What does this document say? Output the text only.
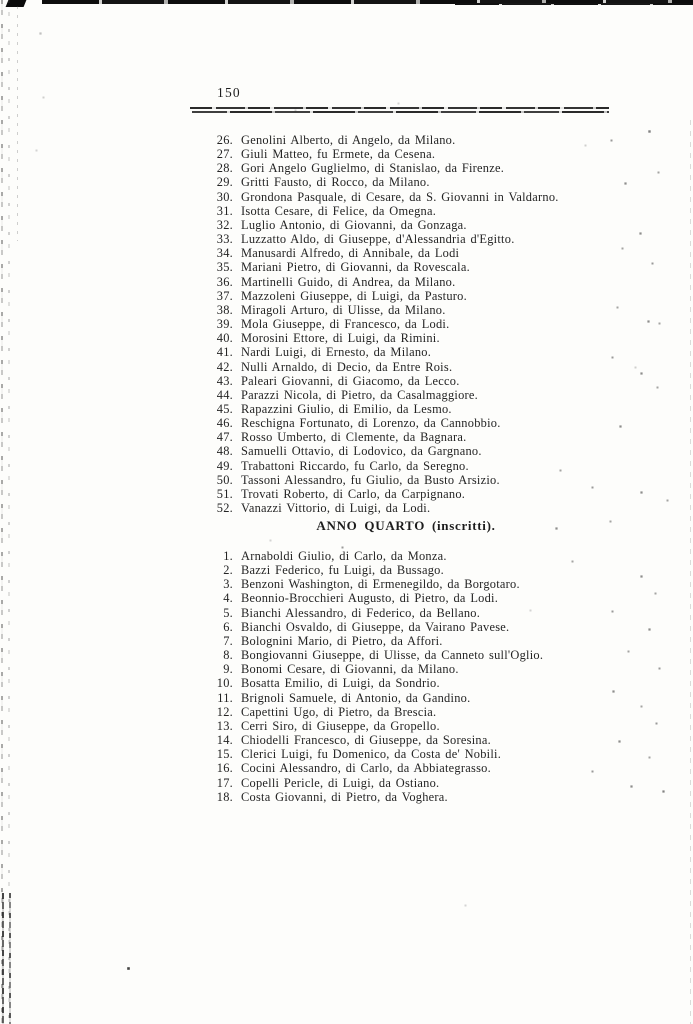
150
26. Genolini Alberto, di Angelo, da Milano.
27. Giuli Matteo, fu Ermete, da Cesena.
28. Gori Angelo Guglielmo, di Stanislao, da Firenze.
29. Gritti Fausto, di Rocco, da Milano.
30. Grondona Pasquale, di Cesare, da S. Giovanni in Valdarno.
31. Isotta Cesare, di Felice, da Omegna.
32. Luglio Antonio, di Giovanni, da Gonzaga.
33. Luzzatto Aldo, di Giuseppe, d'Alessandria d'Egitto.
34. Manusardi Alfredo, di Annibale, da Lodi
35. Mariani Pietro, di Giovanni, da Rovescala.
36. Martinelli Guido, di Andrea, da Milano.
37. Mazzoleni Giuseppe, di Luigi, da Pasturo.
38. Miragoli Arturo, di Ulisse, da Milano.
39. Mola Giuseppe, di Francesco, da Lodi.
40. Morosini Ettore, di Luigi, da Rimini.
41. Nardi Luigi, di Ernesto, da Milano.
42. Nulli Arnaldo, di Decio, da Entre Rois.
43. Paleari Giovanni, di Giacomo, da Lecco.
44. Parazzi Nicola, di Pietro, da Casalmaggiore.
45. Rapazzini Giulio, di Emilio, da Lesmo.
46. Reschigna Fortunato, di Lorenzo, da Cannobbio.
47. Rosso Umberto, di Clemente, da Bagnara.
48. Samuelli Ottavio, di Lodovico, da Gargnano.
49. Trabattoni Riccardo, fu Carlo, da Seregno.
50. Tassoni Alessandro, fu Giulio, da Busto Arsizio.
51. Trovati Roberto, di Carlo, da Carpignano.
52. Vanazzi Vittorio, di Luigi, da Lodi.
ANNO QUARTO (inscritti).
1. Arnaboldi Giulio, di Carlo, da Monza.
2. Bazzi Federico, fu Luigi, da Bussago.
3. Benzoni Washington, di Ermenegildo, da Borgotaro.
4. Beonnio-Brocchieri Augusto, di Pietro, da Lodi.
5. Bianchi Alessandro, di Federico, da Bellano.
6. Bianchi Osvaldo, di Giuseppe, da Vairano Pavese.
7. Bolognini Mario, di Pietro, da Affori.
8. Bongiovanni Giuseppe, di Ulisse, da Canneto sull'Oglio.
9. Bonomi Cesare, di Giovanni, da Milano.
10. Bosatta Emilio, di Luigi, da Sondrio.
11. Brignoli Samuele, di Antonio, da Gandino.
12. Capettini Ugo, di Pietro, da Brescia.
13. Cerri Siro, di Giuseppe, da Gropello.
14. Chiodelli Francesco, di Giuseppe, da Soresina.
15. Clerici Luigi, fu Domenico, da Costa de' Nobili.
16. Cocini Alessandro, di Carlo, da Abbiategrasso.
17. Copelli Pericle, di Luigi, da Ostiano.
18. Costa Giovanni, di Pietro, da Voghera.
